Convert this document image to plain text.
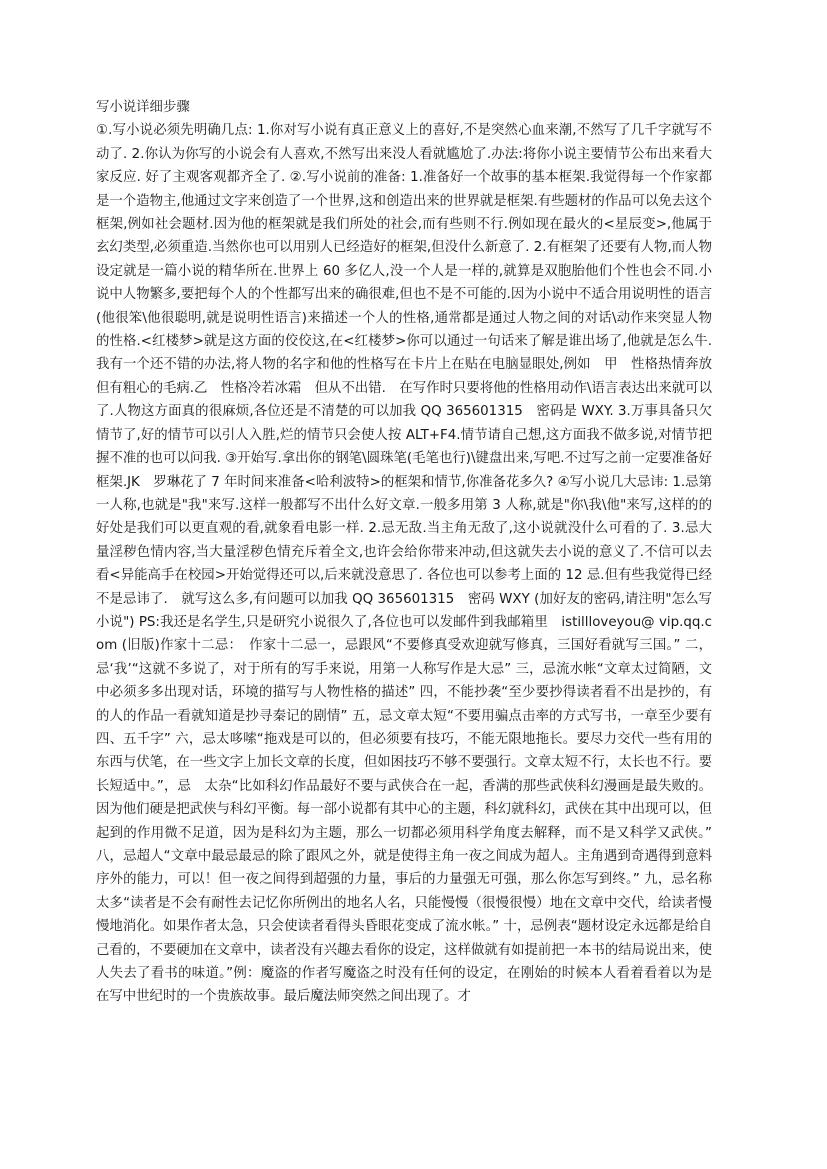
写小说详细步骤

①.写小说必须先明确几点: 1.你对写小说有真正意义上的喜好,不是突然心血来潮,不然写了几千字就写不动了. 2.你认为你写的小说会有人喜欢,不然写出来没人看就尴尬了.办法:将你小说主要情节公布出来看大家反应. 好了主观客观都齐全了. ②.写小说前的准备: 1.准备好一个故事的基本框架.我觉得每一个作家都是一个造物主,他通过文字来创造了一个世界,这和创造出来的世界就是框架.有些题材的作品可以免去这个框架,例如社会题材.因为他的框架就是我们所处的社会,而有些则不行.例如现在最火的<星辰变>,他属于玄幻类型,必须重造.当然你也可以用别人已经造好的框架,但没什么新意了. 2.有框架了还要有人物,而人物设定就是一篇小说的精华所在.世界上 60 多亿人,没一个人是一样的,就算是双胞胎他们个性也会不同.小说中人物繁多,要把每个人的个性都写出来的确很难,但也不是不可能的.因为小说中不适合用说明性的语言(他很笨\他很聪明,就是说明性语言)来描述一个人的性格,通常都是通过人物之间的对话\动作来突显人物的性格.<红楼梦>就是这方面的佼佼这,在<红楼梦>你可以通过一句话来了解是谁出场了,他就是怎么牛.我有一个还不错的办法,将人物的名字和他的性格写在卡片上在贴在电脑显眼处,例如　甲　性格热情奔放　但有粗心的毛病.乙　性格冷若冰霜　但从不出错.　在写作时只要将他的性格用动作\语言表达出来就可以了.人物这方面真的很麻烦,各位还是不清楚的可以加我 QQ 365601315　密码是 WXY. 3.万事具备只欠情节了,好的情节可以引人入胜,烂的情节只会使人按 ALT+F4.情节请自己想,这方面我不做多说,对情节把握不准的也可以问我. ③开始写.拿出你的钢笔\圆珠笔(毛笔也行)\键盘出来,写吧.不过写之前一定要准备好框架.JK　罗琳花了 7 年时间来准备<哈利波特>的框架和情节,你准备花多久? ④写小说几大忌讳: 1.忌第一人称,也就是"我"来写.这样一般都写不出什么好文章.一般多用第 3 人称,就是"你\我\他"来写,这样的的好处是我们可以更直观的看,就象看电影一样. 2.忌无敌.当主角无敌了,这小说就没什么可看的了. 3.忌大量淫秽色情内容,当大量淫秽色情充斥着全文,也许会给你带来冲动,但这就失去小说的意义了.不信可以去看<异能高手在校园>开始觉得还可以,后来就没意思了. 各位也可以参考上面的 12 忌.但有些我觉得已经不是忌讳了.　就写这么多,有问题可以加我 QQ 365601315　密码 WXY (加好友的密码,请注明"怎么写小说") PS:我还是名学生,只是研究小说很久了,各位也可以发邮件到我邮箱里　istillloveyou@ vip.qq.com (旧版)作家十二忌：　作家十二忌一，忌跟风“不要修真受欢迎就写修真，三国好看就写三国。” 二，忌‘我’“这就不多说了，对于所有的写手来说，用第一人称写作是大忌” 三，忌流水帐“文章太过简陋，文中必须多多出现对话，环境的描写与人物性格的描述” 四，不能抄袭“至少要抄得读者看不出是抄的，有的人的作品一看就知道是抄寻秦记的剧情” 五，忌文章太短“不要用骗点击率的方式写书，一章至少要有四、五千字” 六，忌太哆嗦“拖戏是可以的，但必须要有技巧，不能无限地拖长。要尽力交代一些有用的东西与伏笔，在一些文字上加长文章的长度，但如困技巧不够不要强行。文章太短不行，太长也不行。要长短适中。”，忌　太杂“比如科幻作品最好不要与武侠合在一起，香满的那些武侠科幻漫画是最失败的。因为他们硬是把武侠与科幻平衡。每一部小说都有其中心的主题，科幻就科幻，武侠在其中出现可以，但起到的作用微不足道，因为是科幻为主题，那么一切都必须用科学角度去解释，而不是又科学又武侠。” 八，忌超人“文章中最忌最忌的除了跟风之外，就是使得主角一夜之间成为超人。主角遇到奇遇得到意料序外的能力，可以！但一夜之间得到超强的力量，事后的力量强无可强，那么你怎写到终。” 九，忌名称太多“读者是不会有耐性去记忆你所例出的地名人名，只能慢慢（很慢很慢）地在文章中交代，给读者慢慢地消化。如果作者太急，只会使读者看得头昏眼花变成了流水帐。” 十，忌例表“题材设定永远都是给自己看的，不要硬加在文章中，读者没有兴趣去看你的设定，这样做就有如提前把一本书的结局说出来，使人失去了看书的味道。”例：魔盗的作者写魔盗之时没有任何的设定，在刚始的时候本人看着看着以为是在写中世纪时的一个贵族故事。最后魔法师突然之间出现了。才
